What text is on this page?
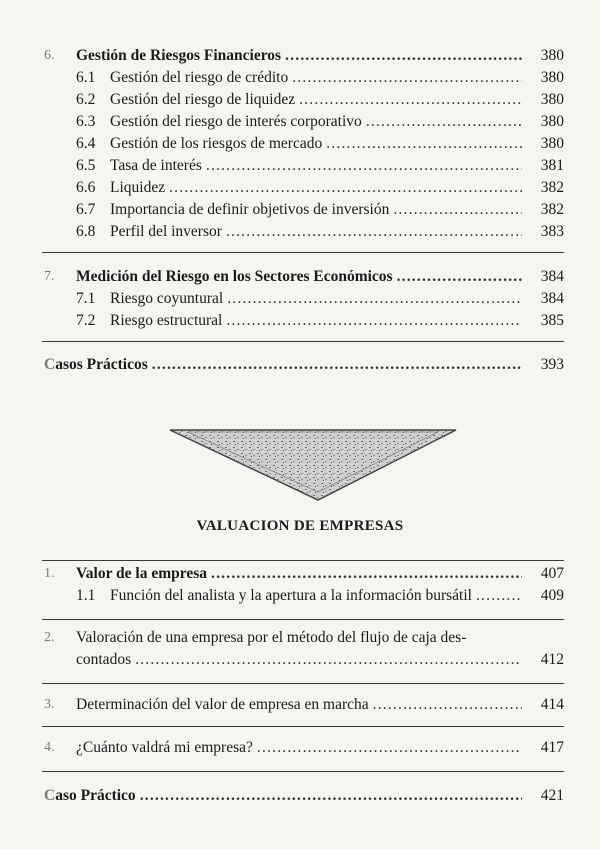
6. Gestión de Riesgos Financieros .....	380
6.1 Gestión del riesgo de crédito .....	380
6.2 Gestión del riesgo de liquidez .....	380
6.3 Gestión del riesgo de interés corporativo .....	380
6.4 Gestión de los riesgos de mercado .....	380
6.5 Tasa de interés .....	381
6.6 Liquidez .....	382
6.7 Importancia de definir objetivos de inversión .....	382
6.8 Perfil del inversor .....	383
7. Medición del Riesgo en los Sectores Económicos .....	384
7.1 Riesgo coyuntural .....	384
7.2 Riesgo estructural .....	385
Casos Prácticos .....	393
VALUACION DE EMPRESAS
1. Valor de la empresa .....	407
1.1 Función del analista y la apertura a la información bursátil .....	409
2. Valoración de una empresa por el método del flujo de caja des-
contados .....	412
3. Determinación del valor de empresa en marcha .....	414
4. ¿Cuánto valdrá mi empresa? .....	417
Caso Práctico .....	421
